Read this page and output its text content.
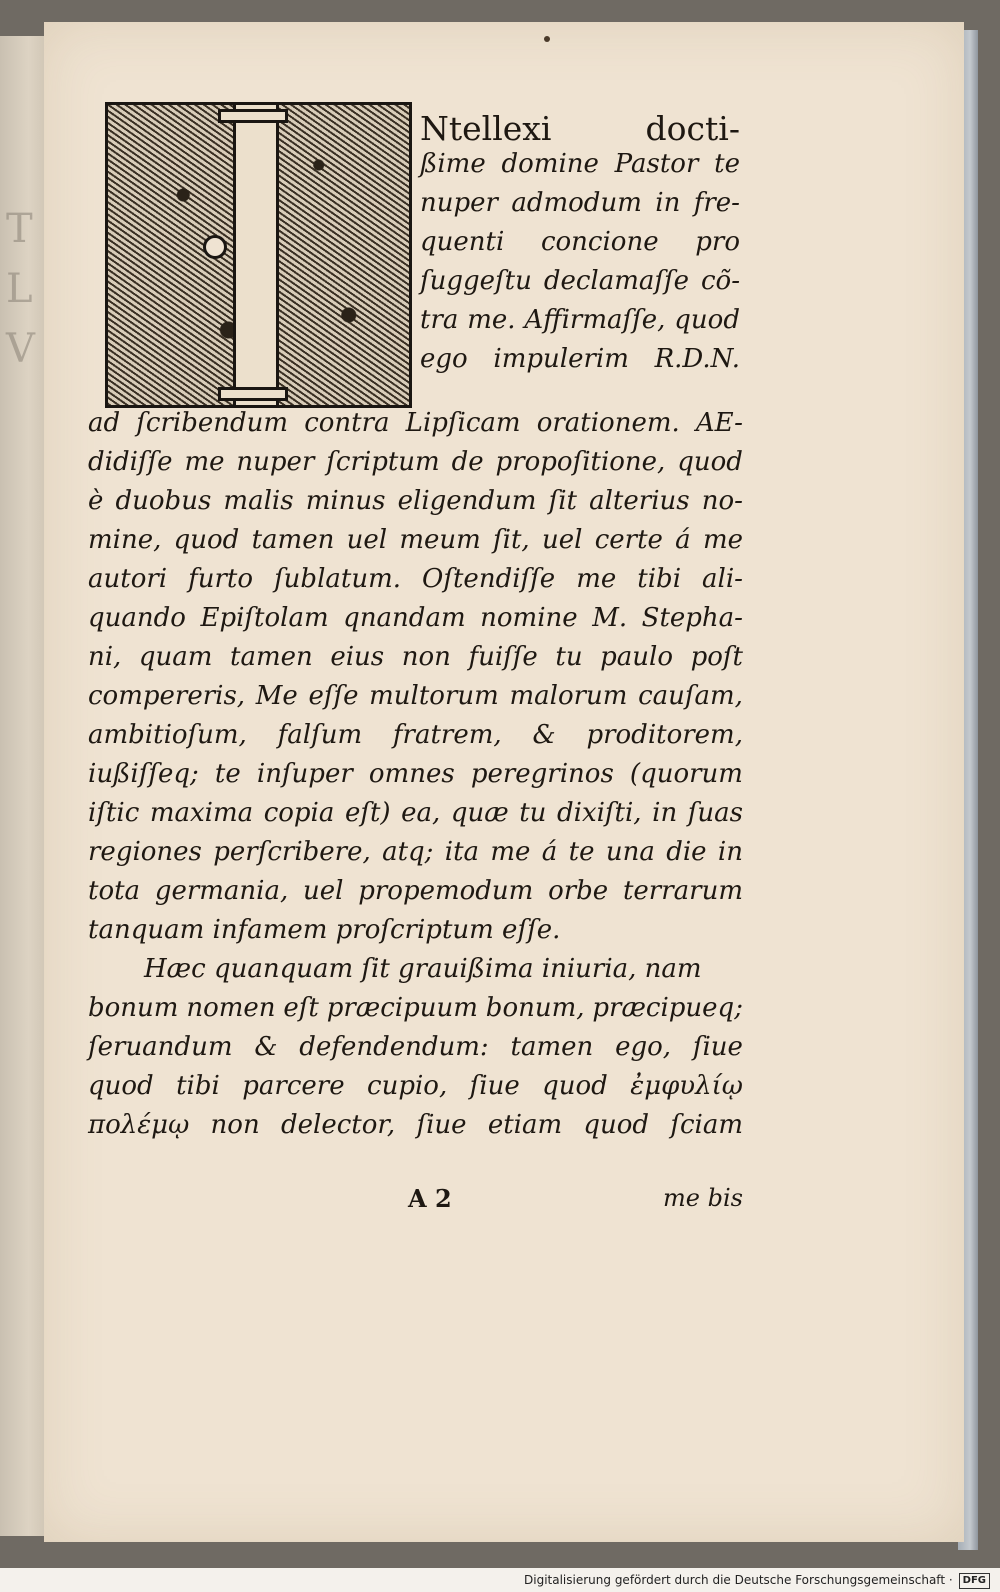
T
L
V
Ntellexi	docti-
ßime domine Pastor te
nuper admodum in fre-
quenti concione pro
ſuggeſtu declamaſſe cõ-
tra me. Affirmaſſe, quod
ego impulerim R.D.N.
ad ſcribendum contra Lipſicam orationem. AE-
didiſſe me nuper ſcriptum de propoſitione, quod
è duobus malis minus eligendum ſit alterius no-
mine, quod tamen uel meum ſit, uel certe á me
autori furto ſublatum. Oſtendiſſe me tibi ali-
quando Epiſtolam qnandam nomine M. Stepha-
ni, quam tamen eius non fuiſſe tu paulo poſt
compereris, Me eſſe multorum malorum cauſam,
ambitioſum, falſum fratrem, & proditorem,
iußiſſeq; te inſuper omnes peregrinos (quorum
iſtic maxima copia eſt) ea, quæ tu dixiſti, in ſuas
regiones perſcribere, atq; ita me á te una die in
tota germania, uel propemodum orbe terrarum
tanquam infamem proſcriptum eſſe.
Hæc quanquam ſit grauißima iniuria, nam
bonum nomen eſt præcipuum bonum, præcipueq;
ſeruandum & defendendum: tamen ego, ſiue
quod tibi parcere cupio, ſiue quod ἐμφυλίῳ
πολέμῳ non delector, ſiue etiam quod ſciam
A 2	me bis
Digitalisierung gefördert durch die Deutsche Forschungsgemeinschaft · DFG
